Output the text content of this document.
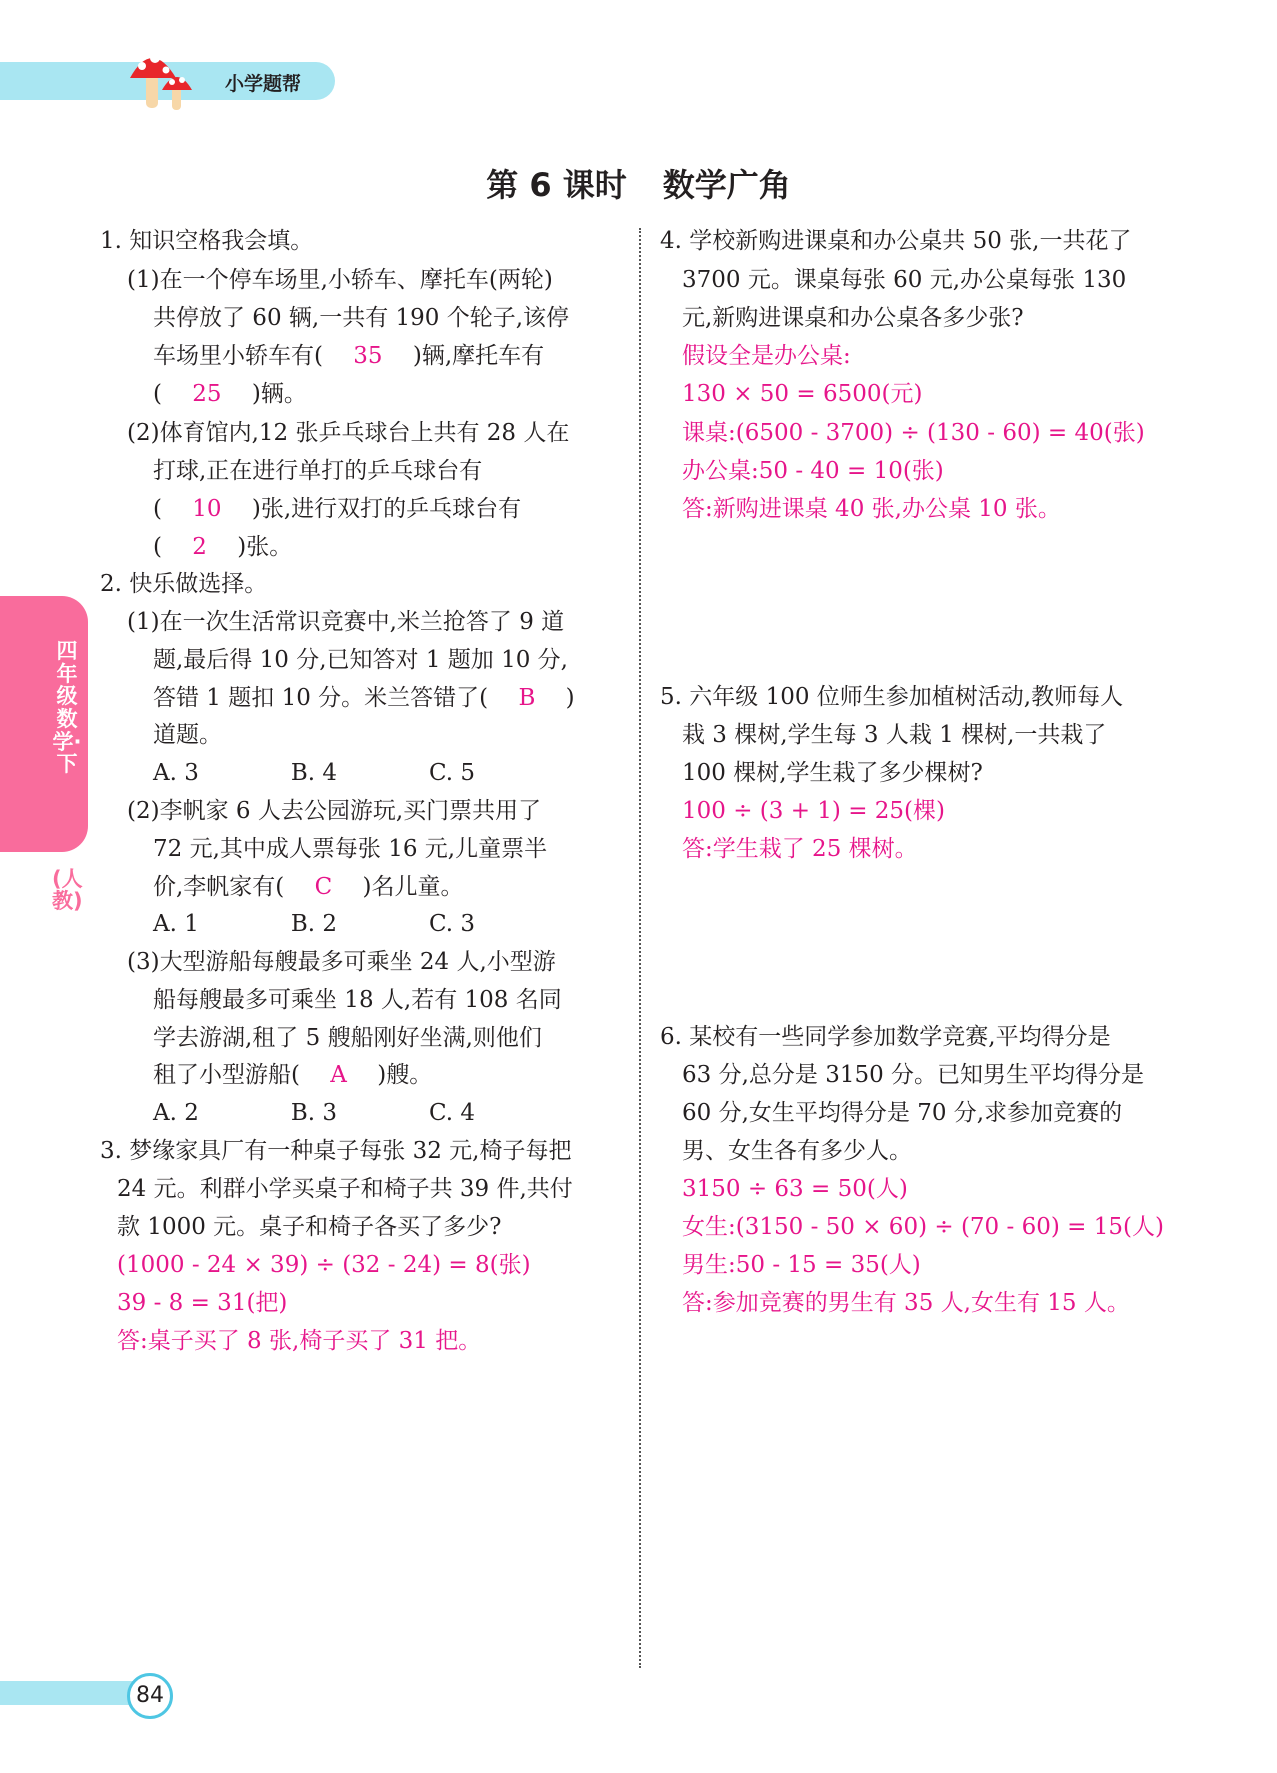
小学题帮
第 6 课时 数学广角
四年级数学·下
(人教)
1. 知识空格我会填。
(1)在一个停车场里,小轿车、摩托车(两轮)
共停放了 60 辆,一共有 190 个轮子,该停
车场里小轿车有(　 35 　)辆,摩托车有
(　 25 　)辆。
(2)体育馆内,12 张乒乓球台上共有 28 人在
打球,正在进行单打的乒乓球台有
(　 10 　)张,进行双打的乒乓球台有
(　 2 　)张。
2. 快乐做选择。
(1)在一次生活常识竞赛中,米兰抢答了 9 道
题,最后得 10 分,已知答对 1 题加 10 分,
答错 1 题扣 10 分。米兰答错了(　 B 　)
道题。
A. 3　　　　B. 4　　　　C. 5
(2)李帆家 6 人去公园游玩,买门票共用了
72 元,其中成人票每张 16 元,儿童票半
价,李帆家有(　 C 　)名儿童。
A. 1　　　　B. 2　　　　C. 3
(3)大型游船每艘最多可乘坐 24 人,小型游
船每艘最多可乘坐 18 人,若有 108 名同
学去游湖,租了 5 艘船刚好坐满,则他们
租了小型游船(　 A 　)艘。
A. 2　　　　B. 3　　　　C. 4
3. 梦缘家具厂有一种桌子每张 32 元,椅子每把
24 元。利群小学买桌子和椅子共 39 件,共付
款 1000 元。桌子和椅子各买了多少?
(1000 - 24 × 39) ÷ (32 - 24) = 8(张)
39 - 8 = 31(把)
答:桌子买了 8 张,椅子买了 31 把。
4. 学校新购进课桌和办公桌共 50 张,一共花了
3700 元。课桌每张 60 元,办公桌每张 130
元,新购进课桌和办公桌各多少张?
假设全是办公桌:
130 × 50 = 6500(元)
课桌:(6500 - 3700) ÷ (130 - 60) = 40(张)
办公桌:50 - 40 = 10(张)
答:新购进课桌 40 张,办公桌 10 张。
5. 六年级 100 位师生参加植树活动,教师每人
栽 3 棵树,学生每 3 人栽 1 棵树,一共栽了
100 棵树,学生栽了多少棵树?
100 ÷ (3 + 1) = 25(棵)
答:学生栽了 25 棵树。
6. 某校有一些同学参加数学竞赛,平均得分是
63 分,总分是 3150 分。已知男生平均得分是
60 分,女生平均得分是 70 分,求参加竞赛的
男、女生各有多少人。
3150 ÷ 63 = 50(人)
女生:(3150 - 50 × 60) ÷ (70 - 60) = 15(人)
男生:50 - 15 = 35(人)
答:参加竞赛的男生有 35 人,女生有 15 人。
84
